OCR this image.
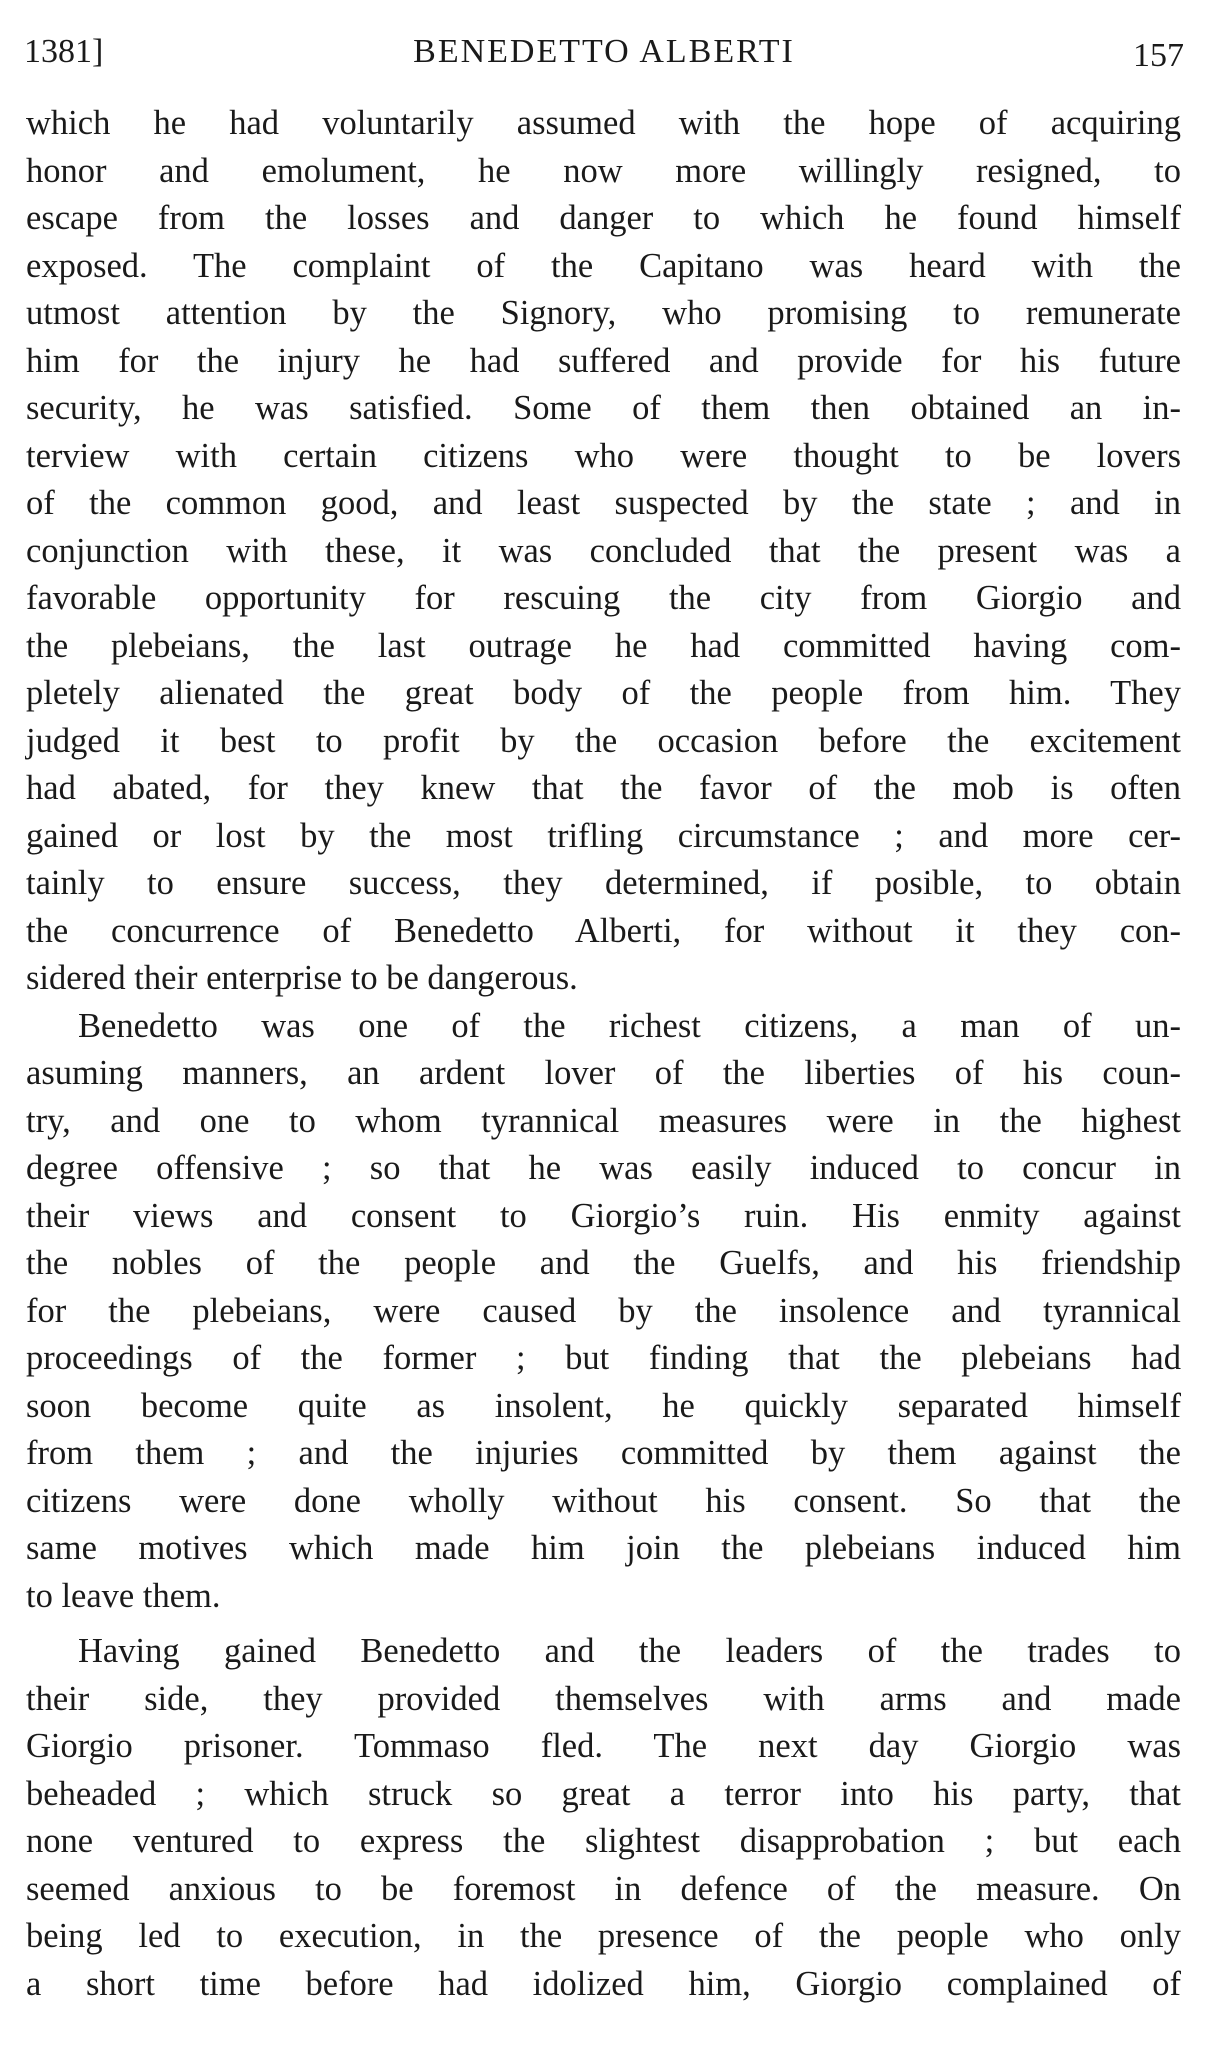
1381]	BENEDETTO ALBERTI	157
which he had voluntarily assumed with the hope of acquiring
honor and emolument, he now more willingly resigned, to
escape from the losses and danger to which he found himself
exposed. The complaint of the Capitano was heard with the
utmost attention by the Signory, who promising to remunerate
him for the injury he had suffered and provide for his future
security, he was satisfied. Some of them then obtained an in-
terview with certain citizens who were thought to be lovers
of the common good, and least suspected by the state ; and in
conjunction with these, it was concluded that the present was a
favorable opportunity for rescuing the city from Giorgio and
the plebeians, the last outrage he had committed having com-
pletely alienated the great body of the people from him. They
judged it best to profit by the occasion before the excitement
had abated, for they knew that the favor of the mob is often
gained or lost by the most trifling circumstance ; and more cer-
tainly to ensure success, they determined, if posible, to obtain
the concurrence of Benedetto Alberti, for without it they con-
sidered their enterprise to be dangerous.
Benedetto was one of the richest citizens, a man of un-
asuming manners, an ardent lover of the liberties of his coun-
try, and one to whom tyrannical measures were in the highest
degree offensive ; so that he was easily induced to concur in
their views and consent to Giorgio’s ruin. His enmity against
the nobles of the people and the Guelfs, and his friendship
for the plebeians, were caused by the insolence and tyrannical
proceedings of the former ; but finding that the plebeians had
soon become quite as insolent, he quickly separated himself
from them ; and the injuries committed by them against the
citizens were done wholly without his consent. So that the
same motives which made him join the plebeians induced him
to leave them.
Having gained Benedetto and the leaders of the trades to
their side, they provided themselves with arms and made
Giorgio prisoner. Tommaso fled. The next day Giorgio was
beheaded ; which struck so great a terror into his party, that
none ventured to express the slightest disapprobation ; but each
seemed anxious to be foremost in defence of the measure. On
being led to execution, in the presence of the people who only
a short time before had idolized him, Giorgio complained of
